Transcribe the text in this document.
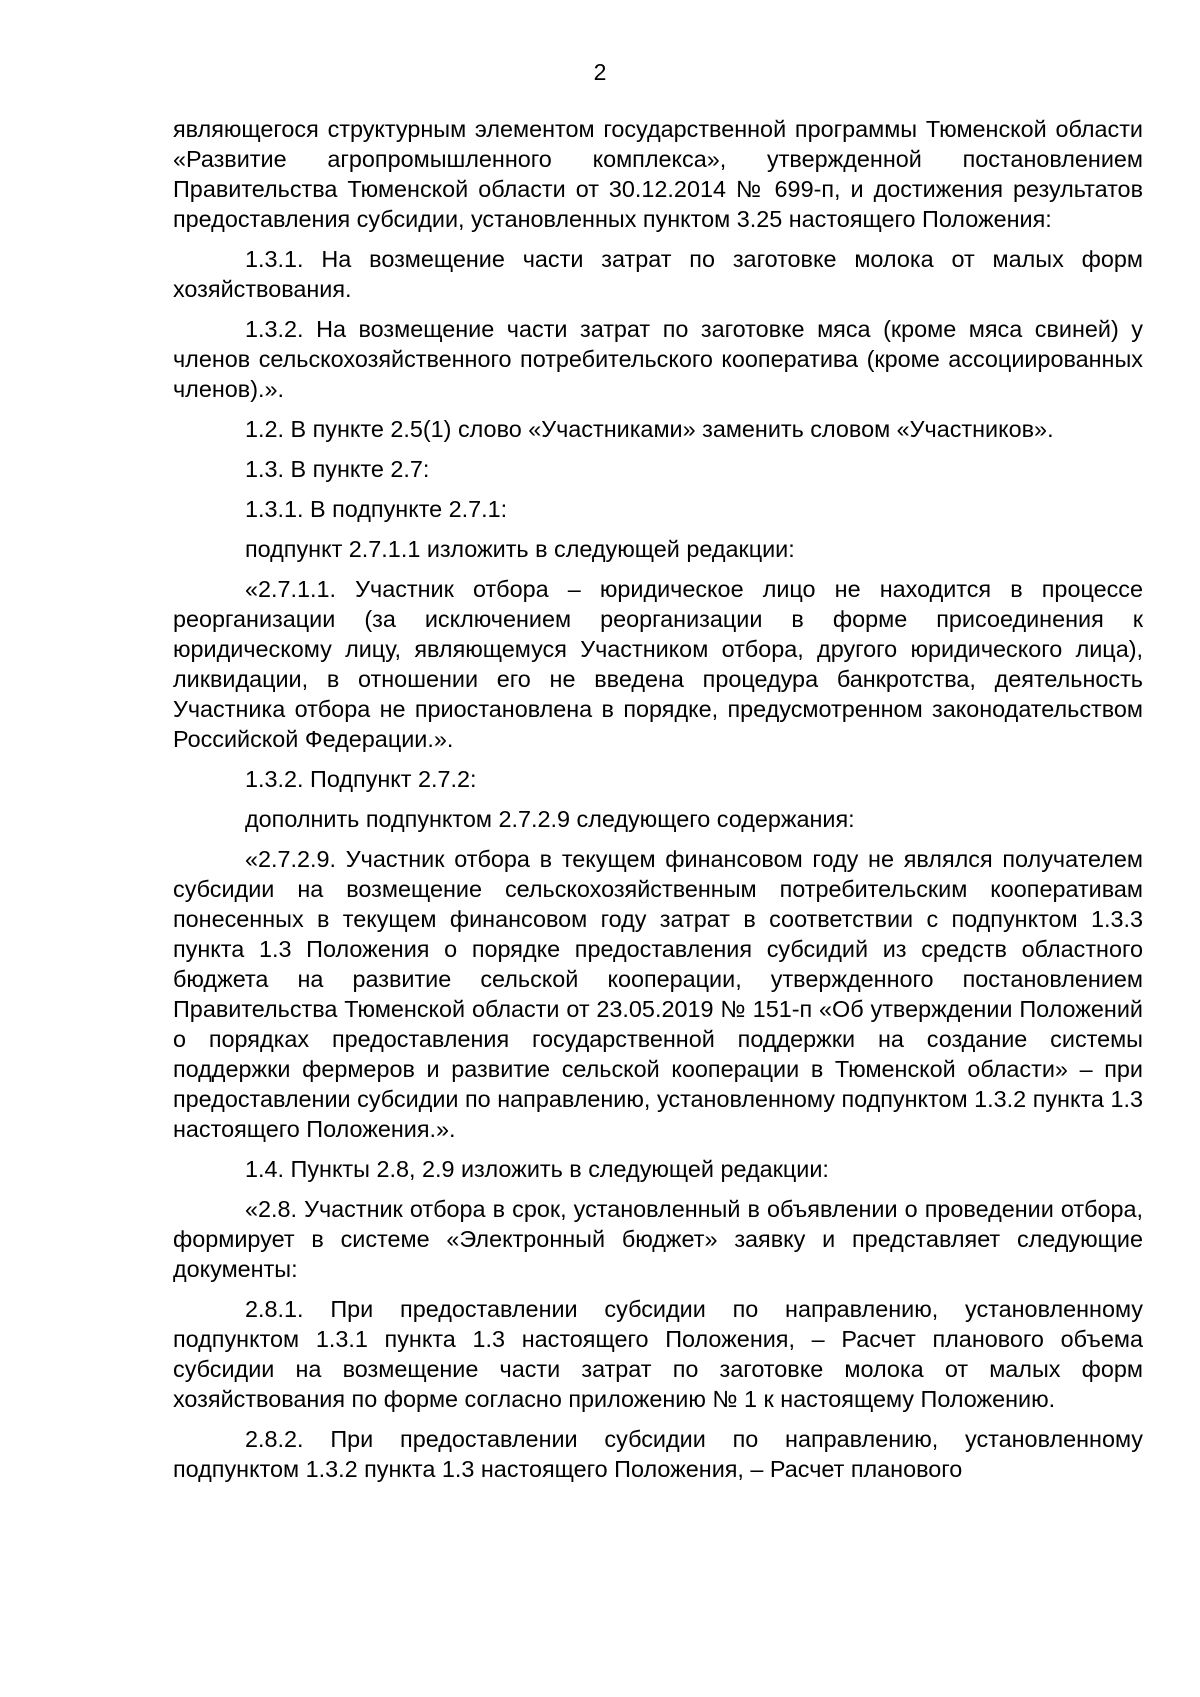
2

являющегося структурным элементом государственной программы Тюменской области «Развитие агропромышленного комплекса», утвержденной постановлением Правительства Тюменской области от 30.12.2014 № 699-п, и достижения результатов предоставления субсидии, установленных пунктом 3.25 настоящего Положения:

1.3.1. На возмещение части затрат по заготовке молока от малых форм хозяйствования.

1.3.2. На возмещение части затрат по заготовке мяса (кроме мяса свиней) у членов сельскохозяйственного потребительского кооператива (кроме ассоциированных членов).».

1.2. В пункте 2.5(1) слово «Участниками» заменить словом «Участников».

1.3. В пункте 2.7:

1.3.1. В подпункте 2.7.1:

подпункт 2.7.1.1 изложить в следующей редакции:

«2.7.1.1. Участник отбора – юридическое лицо не находится в процессе реорганизации (за исключением реорганизации в форме присоединения к юридическому лицу, являющемуся Участником отбора, другого юридического лица), ликвидации, в отношении его не введена процедура банкротства, деятельность Участника отбора не приостановлена в порядке, предусмотренном законодательством Российской Федерации.».

1.3.2. Подпункт 2.7.2:

дополнить подпунктом 2.7.2.9 следующего содержания:

«2.7.2.9. Участник отбора в текущем финансовом году не являлся получателем субсидии на возмещение сельскохозяйственным потребительским кооперативам понесенных в текущем финансовом году затрат в соответствии с подпунктом 1.3.3 пункта 1.3 Положения о порядке предоставления субсидий из средств областного бюджета на развитие сельской кооперации, утвержденного постановлением Правительства Тюменской области от 23.05.2019 № 151-п «Об утверждении Положений о порядках предоставления государственной поддержки на создание системы поддержки фермеров и развитие сельской кооперации в Тюменской области» – при предоставлении субсидии по направлению, установленному подпунктом 1.3.2 пункта 1.3 настоящего Положения.».

1.4. Пункты 2.8, 2.9 изложить в следующей редакции:

«2.8. Участник отбора в срок, установленный в объявлении о проведении отбора, формирует в системе «Электронный бюджет» заявку и представляет следующие документы:

2.8.1. При предоставлении субсидии по направлению, установленному подпунктом 1.3.1 пункта 1.3 настоящего Положения, – Расчет планового объема субсидии на возмещение части затрат по заготовке молока от малых форм хозяйствования по форме согласно приложению № 1 к настоящему Положению.

2.8.2. При предоставлении субсидии по направлению, установленному подпунктом 1.3.2 пункта 1.3 настоящего Положения, – Расчет планового
